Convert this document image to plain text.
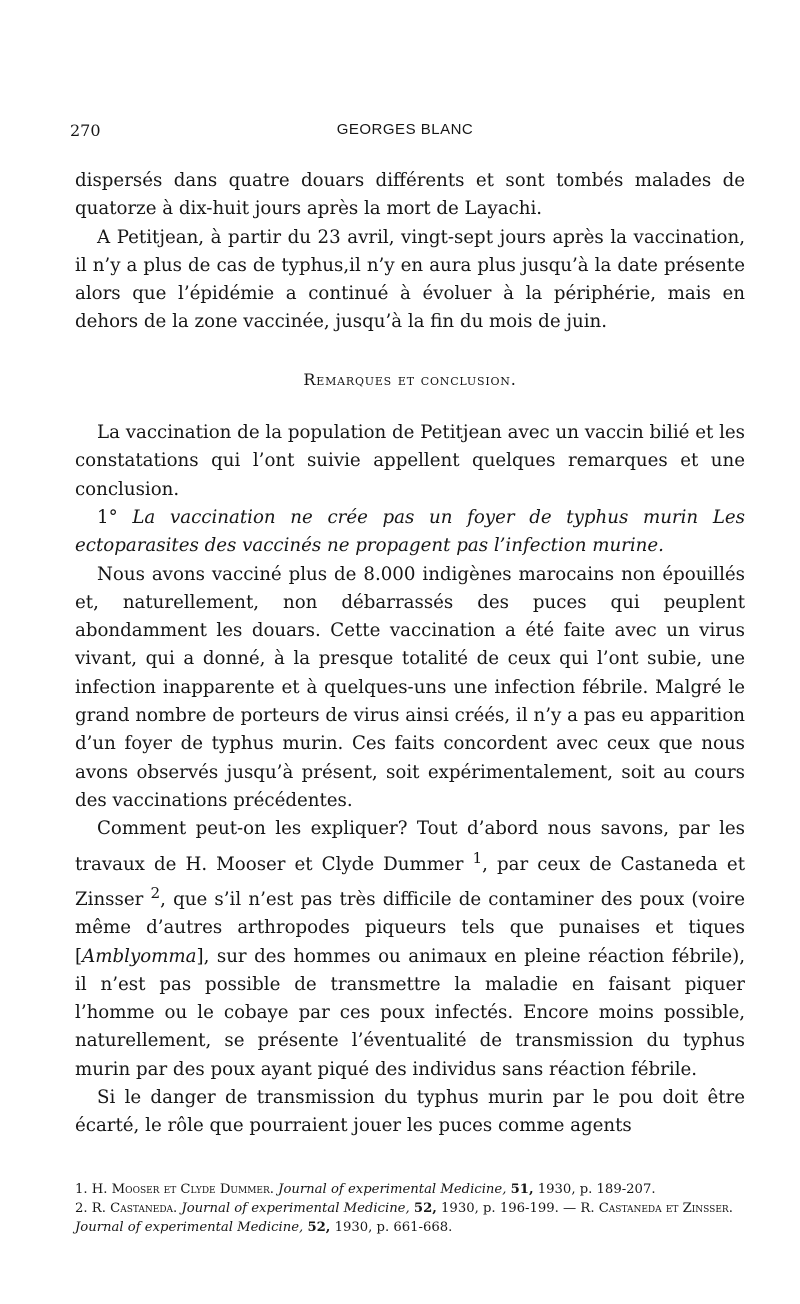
270	GEORGES BLANC

dispersés dans quatre douars différents et sont tombés malades de quatorze à dix-huit jours après la mort de Layachi.

A Petitjean, à partir du 23 avril, vingt-sept jours après la vaccination, il n’y a plus de cas de typhus,il n’y en aura plus jusqu’à la date présente alors que l’épidémie a continué à évoluer à la périphérie, mais en dehors de la zone vaccinée, jusqu’à la fin du mois de juin.

Remarques et conclusion.

La vaccination de la population de Petitjean avec un vaccin bilié et les constatations qui l’ont suivie appellent quelques remarques et une conclusion.

1° La vaccination ne crée pas un foyer de typhus murin Les ectoparasites des vaccinés ne propagent pas l’infection murine.

Nous avons vacciné plus de 8.000 indigènes marocains non épouillés et, naturellement, non débarrassés des puces qui peuplent abondamment les douars. Cette vaccination a été faite avec un virus vivant, qui a donné, à la presque totalité de ceux qui l’ont subie, une infection inapparente et à quelques-uns une infection fébrile. Malgré le grand nombre de porteurs de virus ainsi créés, il n’y a pas eu apparition d’un foyer de typhus murin. Ces faits concordent avec ceux que nous avons observés jusqu’à présent, soit expérimentalement, soit au cours des vaccinations précédentes.

Comment peut-on les expliquer? Tout d’abord nous savons, par les travaux de H. Mooser et Clyde Dummer $^1$, par ceux de Castaneda et Zinsser $^2$, que s’il n’est pas très difficile de contaminer des poux (voire même d’autres arthropodes piqueurs tels que punaises et tiques [Amblyomma], sur des hommes ou animaux en pleine réaction fébrile), il n’est pas possible de transmettre la maladie en faisant piquer l’homme ou le cobaye par ces poux infectés. Encore moins possible, naturellement, se présente l’éventualité de transmission du typhus murin par des poux ayant piqué des individus sans réaction fébrile.

Si le danger de transmission du typhus murin par le pou doit être écarté, le rôle que pourraient jouer les puces comme agents

1. H. Mooser et Clyde Dummer. Journal of experimental Medicine, 51, 1930, p. 189-207.

2. R. Castaneda. Journal of experimental Medicine, 52, 1930, p. 196-199. — R. Castaneda et Zinsser. Journal of experimental Medicine, 52, 1930, p. 661-668.
